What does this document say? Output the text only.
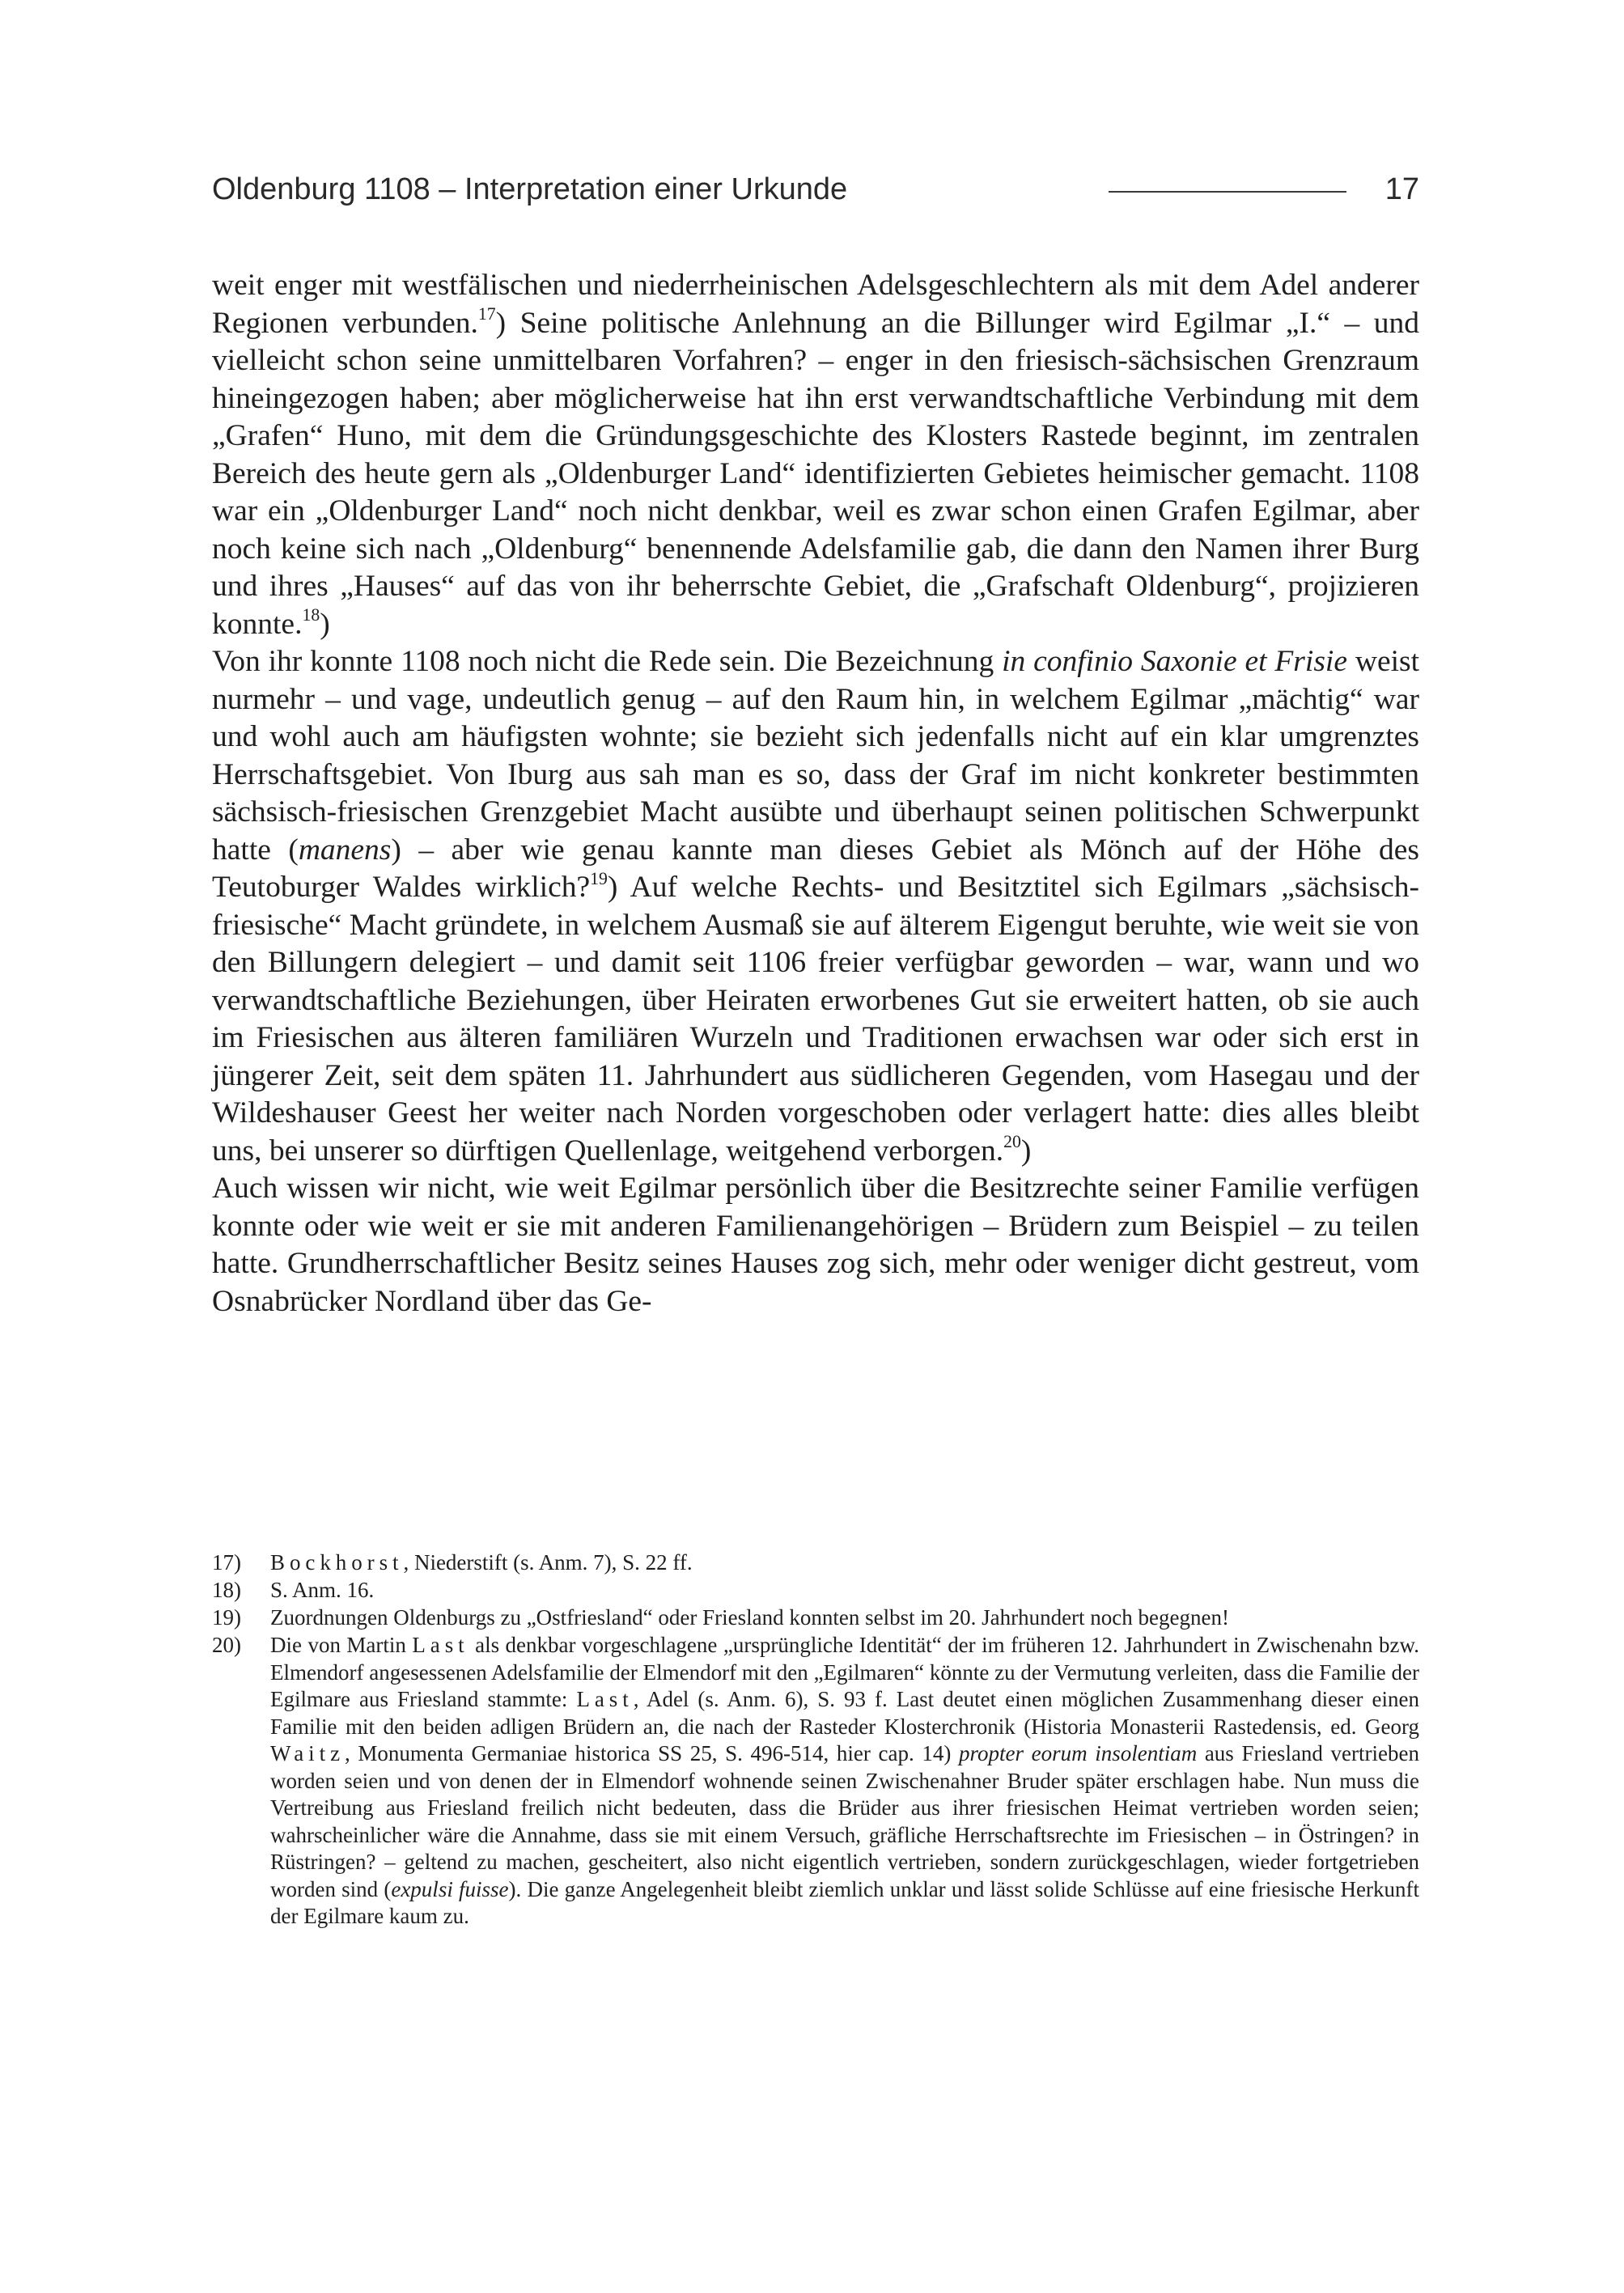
Oldenburg 1108 – Interpretation einer Urkunde	17

weit enger mit westfälischen und niederrheinischen Adelsgeschlechtern als mit dem Adel anderer Regionen verbunden.$^{17}$) Seine politische Anlehnung an die Billunger wird Egilmar „I.“ – und vielleicht schon seine unmittelbaren Vorfahren? – enger in den friesisch-sächsischen Grenzraum hineingezogen haben; aber möglicherweise hat ihn erst verwandtschaftliche Verbindung mit dem „Grafen“ Huno, mit dem die Gründungsgeschichte des Klosters Rastede beginnt, im zentralen Bereich des heute gern als „Oldenburger Land“ identifizierten Gebietes heimischer gemacht. 1108 war ein „Oldenburger Land“ noch nicht denkbar, weil es zwar schon einen Grafen Egilmar, aber noch keine sich nach „Oldenburg“ benennende Adelsfamilie gab, die dann den Namen ihrer Burg und ihres „Hauses“ auf das von ihr beherrschte Gebiet, die „Grafschaft Oldenburg“, projizieren konnte.$^{18}$)

Von ihr konnte 1108 noch nicht die Rede sein. Die Bezeichnung in confinio Saxonie et Frisie weist nurmehr – und vage, undeutlich genug – auf den Raum hin, in welchem Egilmar „mächtig“ war und wohl auch am häufigsten wohnte; sie bezieht sich jedenfalls nicht auf ein klar umgrenztes Herrschaftsgebiet. Von Iburg aus sah man es so, dass der Graf im nicht konkreter bestimmten sächsisch-friesischen Grenzgebiet Macht ausübte und überhaupt seinen politischen Schwerpunkt hatte (manens) – aber wie genau kannte man dieses Gebiet als Mönch auf der Höhe des Teutoburger Waldes wirklich?$^{19}$) Auf welche Rechts- und Besitztitel sich Egilmars „sächsisch-friesische“ Macht gründete, in welchem Ausmaß sie auf älterem Eigengut beruhte, wie weit sie von den Billungern delegiert – und damit seit 1106 freier verfügbar geworden – war, wann und wo verwandtschaftliche Beziehungen, über Heiraten erworbenes Gut sie erweitert hatten, ob sie auch im Friesischen aus älteren familiären Wurzeln und Traditionen erwachsen war oder sich erst in jüngerer Zeit, seit dem späten 11. Jahrhundert aus südlicheren Gegenden, vom Hasegau und der Wildeshauser Geest her weiter nach Norden vorgeschoben oder verlagert hatte: dies alles bleibt uns, bei unserer so dürftigen Quellenlage, weitgehend verborgen.$^{20}$)

Auch wissen wir nicht, wie weit Egilmar persönlich über die Besitzrechte seiner Familie verfügen konnte oder wie weit er sie mit anderen Familienangehörigen – Brüdern zum Beispiel – zu teilen hatte. Grundherrschaftlicher Besitz seines Hauses zog sich, mehr oder weniger dicht gestreut, vom Osnabrücker Nordland über das Ge-

17) Bockhorst, Niederstift (s. Anm. 7), S. 22 ff.
18) S. Anm. 16.
19) Zuordnungen Oldenburgs zu „Ostfriesland“ oder Friesland konnten selbst im 20. Jahrhundert noch begegnen!
20) Die von Martin Last als denkbar vorgeschlagene „ursprüngliche Identität“ der im früheren 12. Jahrhundert in Zwischenahn bzw. Elmendorf angesessenen Adelsfamilie der Elmendorf mit den „Egilmaren“ könnte zu der Vermutung verleiten, dass die Familie der Egilmare aus Friesland stammte: Last, Adel (s. Anm. 6), S. 93 f. Last deutet einen möglichen Zusammenhang dieser einen Familie mit den beiden adligen Brüdern an, die nach der Rasteder Klosterchronik (Historia Monasterii Rastedensis, ed. Georg Waitz, Monumenta Germaniae historica SS 25, S. 496-514, hier cap. 14) propter eorum insolentiam aus Friesland vertrieben worden seien und von denen der in Elmendorf wohnende seinen Zwischenahner Bruder später erschlagen habe. Nun muss die Vertreibung aus Friesland freilich nicht bedeuten, dass die Brüder aus ihrer friesischen Heimat vertrieben worden seien; wahrscheinlicher wäre die Annahme, dass sie mit einem Versuch, gräfliche Herrschaftsrechte im Friesischen – in Östringen? in Rüstringen? – geltend zu machen, gescheitert, also nicht eigentlich vertrieben, sondern zurückgeschlagen, wieder fortgetrieben worden sind (expulsi fuisse). Die ganze Angelegenheit bleibt ziemlich unklar und lässt solide Schlüsse auf eine friesische Herkunft der Egilmare kaum zu.
